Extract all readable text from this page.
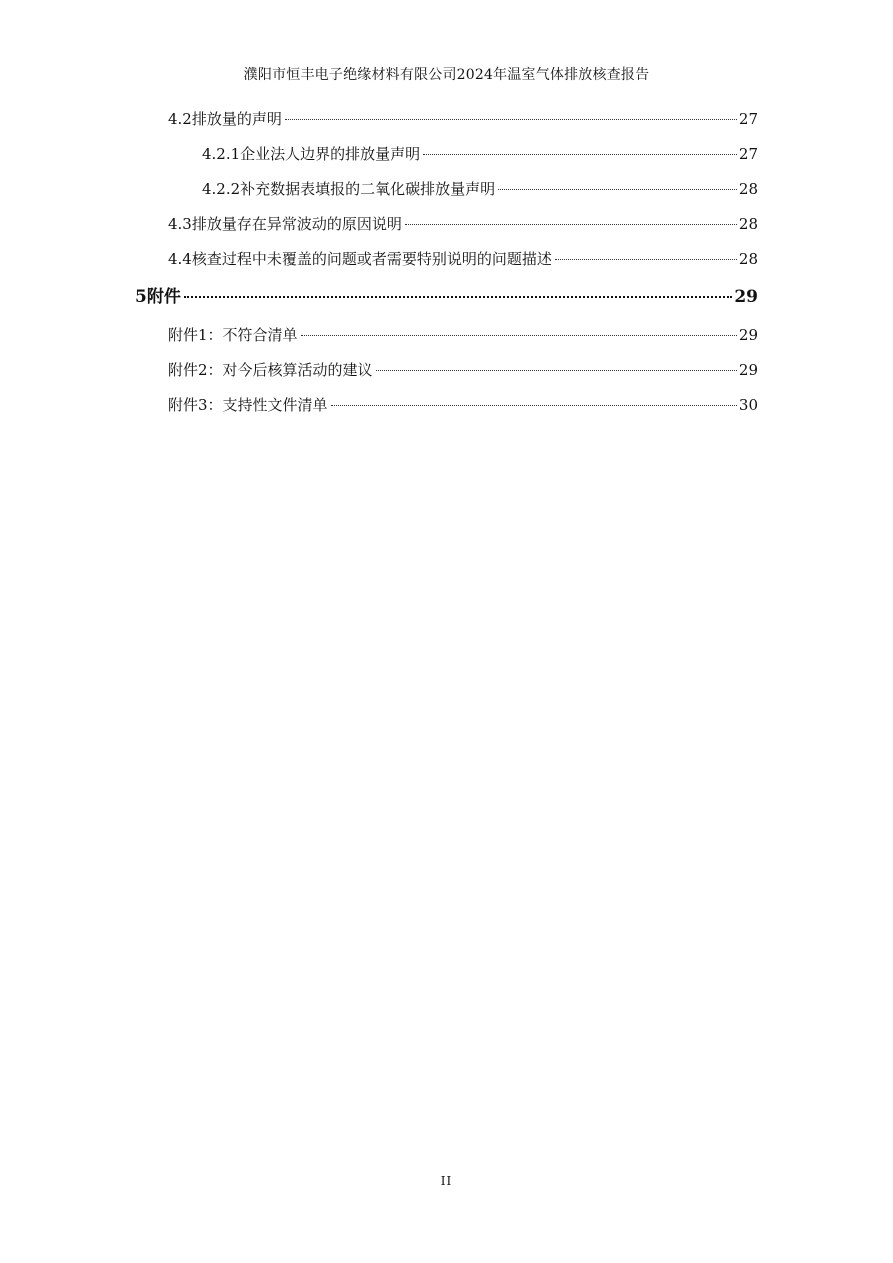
濮阳市恒丰电子绝缘材料有限公司2024年温室气体排放核查报告
4.2排放量的声明	27
4.2.1企业法人边界的排放量声明	27
4.2.2补充数据表填报的二氧化碳排放量声明	28
4.3排放量存在异常波动的原因说明	28
4.4核查过程中未覆盖的问题或者需要特别说明的问题描述	28
5附件	29
附件1：不符合清单	29
附件2：对今后核算活动的建议	29
附件3：支持性文件清单	30
II
